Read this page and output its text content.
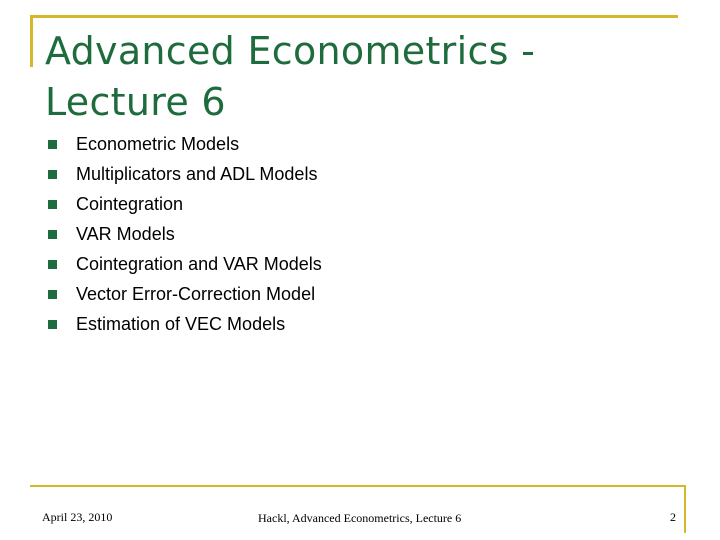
Advanced Econometrics -
Lecture 6
Econometric Models
Multiplicators and ADL Models
Cointegration
VAR Models
Cointegration and VAR Models
Vector Error-Correction Model
Estimation of VEC Models
April 23, 2010	Hackl, Advanced Econometrics, Lecture 6	2
